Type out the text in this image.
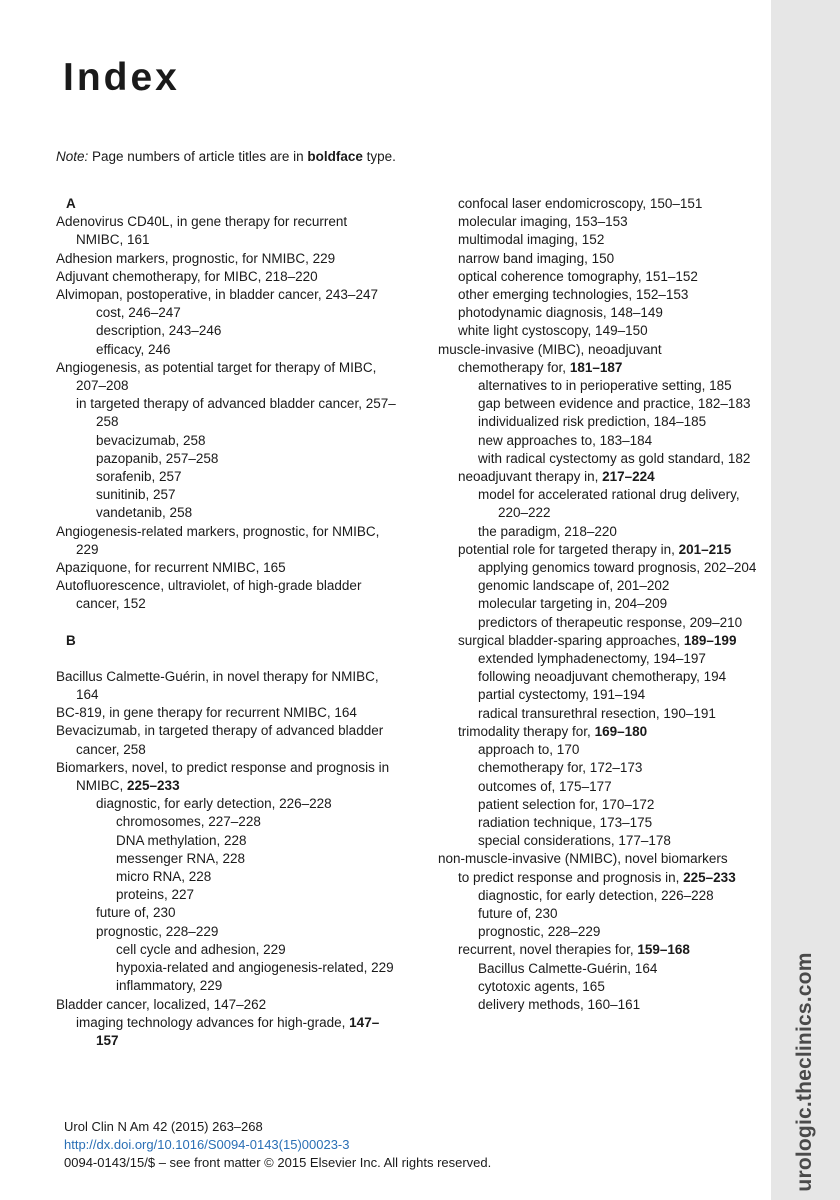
urologic.theclinics.com
Index
Note: Page numbers of article titles are in boldface type.
A
Adenovirus CD40L, in gene therapy for recurrent NMIBC, 161
Adhesion markers, prognostic, for NMIBC, 229
Adjuvant chemotherapy, for MIBC, 218–220
Alvimopan, postoperative, in bladder cancer, 243–247
cost, 246–247
description, 243–246
efficacy, 246
Angiogenesis, as potential target for therapy of MIBC, 207–208
in targeted therapy of advanced bladder cancer, 257–258
bevacizumab, 258
pazopanib, 257–258
sorafenib, 257
sunitinib, 257
vandetanib, 258
Angiogenesis-related markers, prognostic, for NMIBC, 229
Apaziquone, for recurrent NMIBC, 165
Autofluorescence, ultraviolet, of high-grade bladder cancer, 152
B
Bacillus Calmette-Guérin, in novel therapy for NMIBC, 164
BC-819, in gene therapy for recurrent NMIBC, 164
Bevacizumab, in targeted therapy of advanced bladder cancer, 258
Biomarkers, novel, to predict response and prognosis in NMIBC, 225–233
diagnostic, for early detection, 226–228
chromosomes, 227–228
DNA methylation, 228
messenger RNA, 228
micro RNA, 228
proteins, 227
future of, 230
prognostic, 228–229
cell cycle and adhesion, 229
hypoxia-related and angiogenesis-related, 229
inflammatory, 229
Bladder cancer, localized, 147–262
imaging technology advances for high-grade, 147–157
confocal laser endomicroscopy, 150–151
molecular imaging, 153–153
multimodal imaging, 152
narrow band imaging, 150
optical coherence tomography, 151–152
other emerging technologies, 152–153
photodynamic diagnosis, 148–149
white light cystoscopy, 149–150
muscle-invasive (MIBC), neoadjuvant
chemotherapy for, 181–187
alternatives to in perioperative setting, 185
gap between evidence and practice, 182–183
individualized risk prediction, 184–185
new approaches to, 183–184
with radical cystectomy as gold standard, 182
neoadjuvant therapy in, 217–224
model for accelerated rational drug delivery, 220–222
the paradigm, 218–220
potential role for targeted therapy in, 201–215
applying genomics toward prognosis, 202–204
genomic landscape of, 201–202
molecular targeting in, 204–209
predictors of therapeutic response, 209–210
surgical bladder-sparing approaches, 189–199
extended lymphadenectomy, 194–197
following neoadjuvant chemotherapy, 194
partial cystectomy, 191–194
radical transurethral resection, 190–191
trimodality therapy for, 169–180
approach to, 170
chemotherapy for, 172–173
outcomes of, 175–177
patient selection for, 170–172
radiation technique, 173–175
special considerations, 177–178
non-muscle-invasive (NMIBC), novel biomarkers
to predict response and prognosis in, 225–233
diagnostic, for early detection, 226–228
future of, 230
prognostic, 228–229
recurrent, novel therapies for, 159–168
Bacillus Calmette-Guérin, 164
cytotoxic agents, 165
delivery methods, 160–161
Urol Clin N Am 42 (2015) 263–268
http://dx.doi.org/10.1016/S0094-0143(15)00023-3
0094-0143/15/$ – see front matter © 2015 Elsevier Inc. All rights reserved.
